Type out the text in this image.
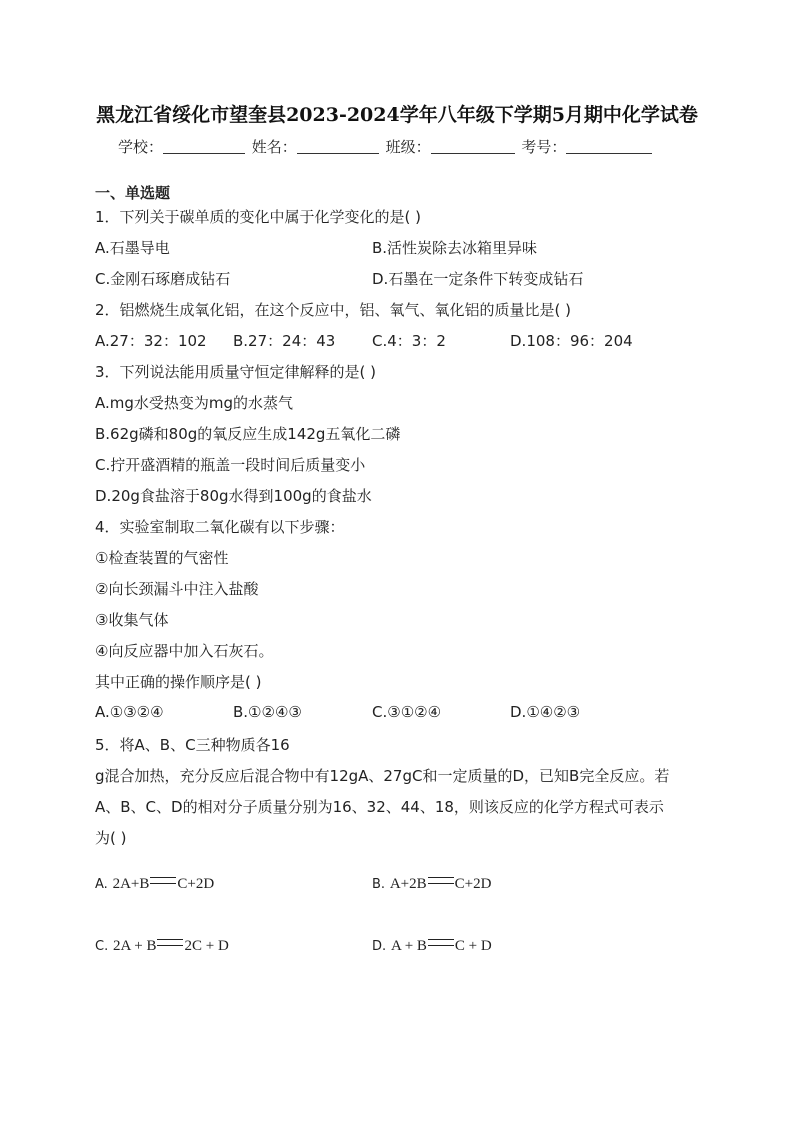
黑龙江省绥化市望奎县2023-2024学年八年级下学期5月期中化学试卷
学校：	姓名：	班级：	考号：
一、单选题
1．下列关于碳单质的变化中属于化学变化的是( )
A.石墨导电	B.活性炭除去冰箱里异味
C.金刚石琢磨成钻石	D.石墨在一定条件下转变成钻石
2．铝燃烧生成氧化铝，在这个反应中，铝、氧气、氧化铝的质量比是( )
A.27：32：102 B.27：24：43 C.4：3：2	D.108：96：204
3．下列说法能用质量守恒定律解释的是( )
A.mg水受热变为mg的水蒸气
B.62g磷和80g的氧反应生成142g五氧化二磷
C.拧开盛酒精的瓶盖一段时间后质量变小
D.20g食盐溶于80g水得到100g的食盐水
4．实验室制取二氧化碳有以下步骤：
①检查装置的气密性
②向长颈漏斗中注入盐酸
③收集气体
④向反应器中加入石灰石。
其中正确的操作顺序是( )
A.①③②④	B.①②④③	C.③①②④	D.①④②③
5．将A、B、C三种物质各16
g混合加热，充分反应后混合物中有12gA、27gC和一定质量的D，已知B完全反应。若
A、B、C、D的相对分子质量分别为16、32、44、18，则该反应的化学方程式可表示
为( )
A. 2A+B C+2D	B. A+2B C+2D
C. 2A + B 2C + D	D. A + B C + D
